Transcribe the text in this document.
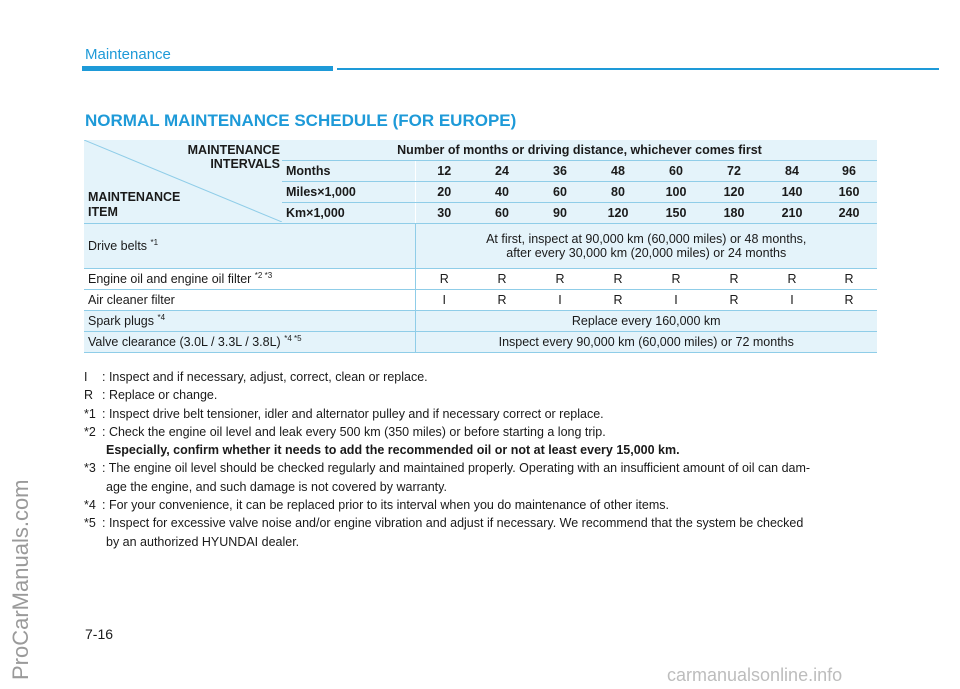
Maintenance
ProCarManuals.com
NORMAL MAINTENANCE SCHEDULE (FOR EUROPE)
MAINTENANCE
INTERVALS
MAINTENANCE
ITEM	Number of months or driving distance, whichever comes first								
	Months	12	24	36	48	60	72	84	96
	Miles×1,000	20	40	60	80	100	120	140	160
	Km×1,000	30	60	90	120	150	180	210	240
Drive belts $^{*1}$		At first, inspect at 90,000 km (60,000 miles) or 48 months,
after every 30,000 km (20,000 miles) or 24 months							

Engine oil and engine oil filter $^{*2 *3}$		R	R	R	R	R	R	R	R
Air cleaner filter		I	R	I	R	I	R	I	R
Spark plugs $^{*4}$		Replace every 160,000 km							
Valve clearance (3.0L / 3.3L / 3.8L) $^{*4 *5}$		Inspect every 90,000 km (60,000 miles) or 72 months							
I : Inspect and if necessary, adjust, correct, clean or replace.
R : Replace or change.
*1 : Inspect drive belt tensioner, idler and alternator pulley and if necessary correct or replace.
*2 : Check the engine oil level and leak every 500 km (350 miles) or before starting a long trip.
Especially, confirm whether it needs to add the recommended oil or not at least every 15,000 km.
*3 : The engine oil level should be checked regularly and maintained properly. Operating with an insufficient amount of oil can dam-
age the engine, and such damage is not covered by warranty.
*4 : For your convenience, it can be replaced prior to its interval when you do maintenance of other items.
*5 : Inspect for excessive valve noise and/or engine vibration and adjust if necessary. We recommend that the system be checked
by an authorized HYUNDAI dealer.
7-16
carmanualsonline.info
